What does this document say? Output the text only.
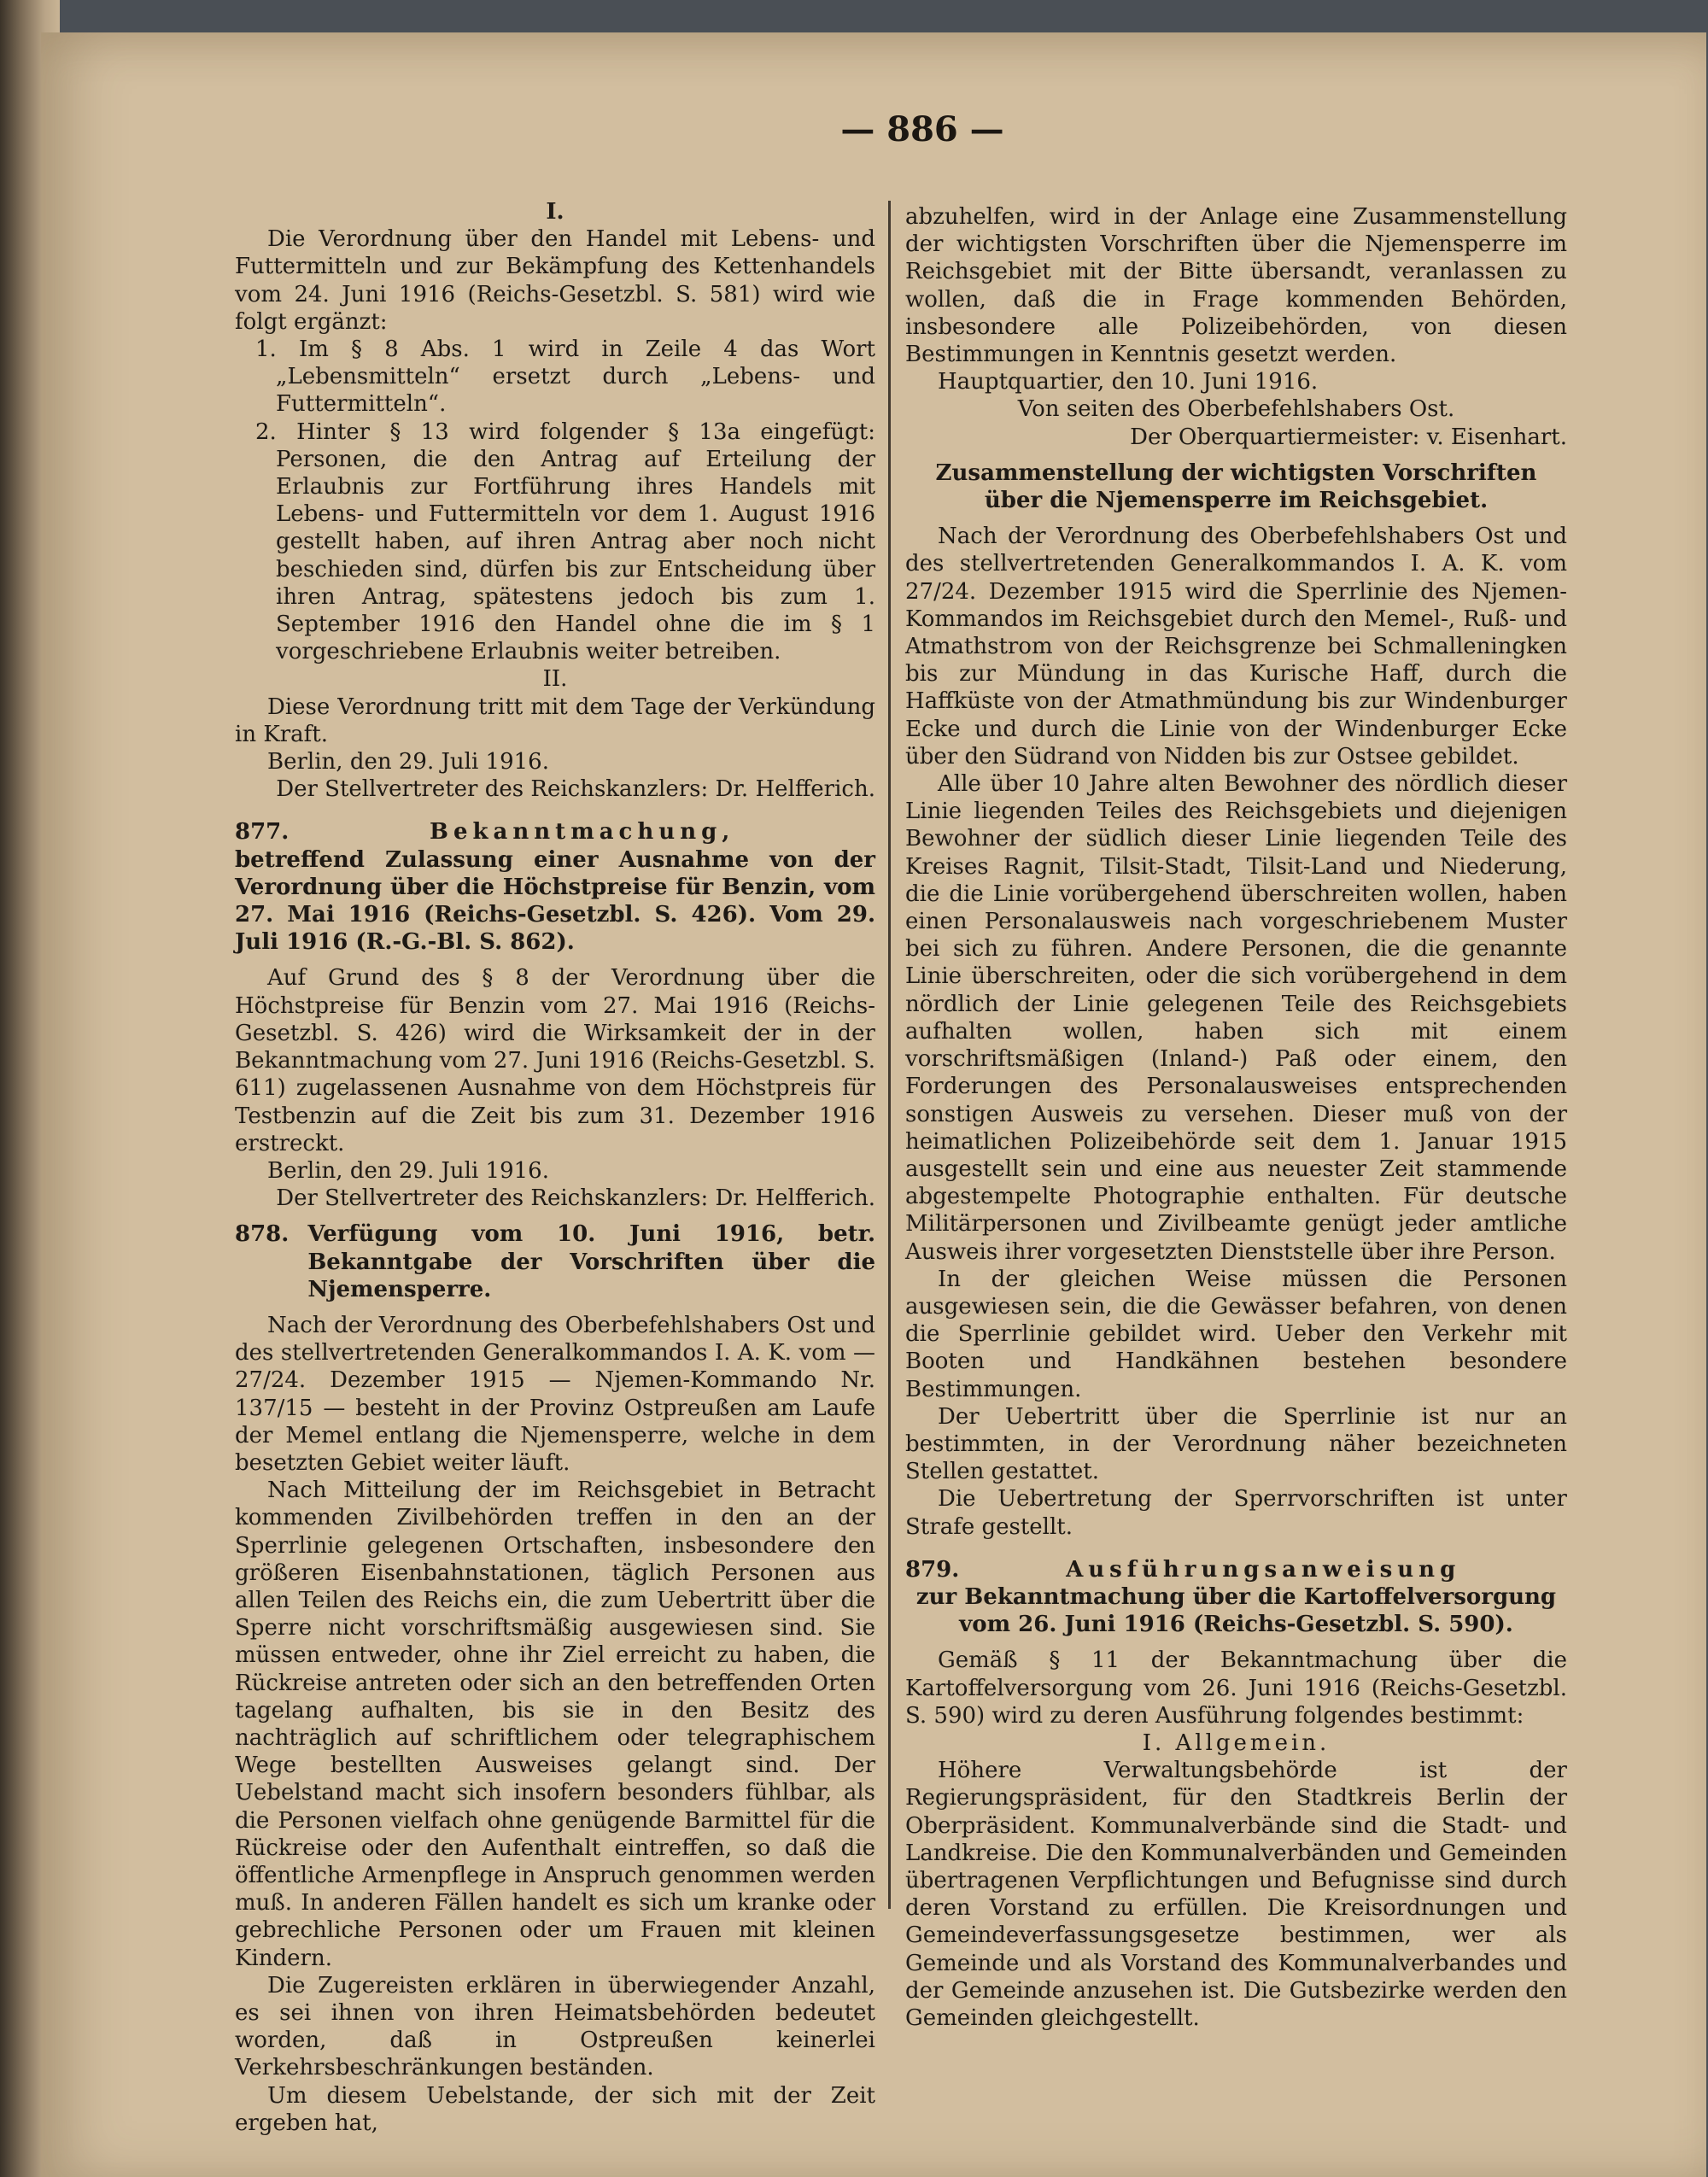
— 886 —

I.

Die Verordnung über den Handel mit Lebens- und Futtermitteln und zur Bekämpfung des Kettenhandels vom 24. Juni 1916 (Reichs-Gesetzbl. S. 581) wird wie folgt ergänzt:

1. Im § 8 Abs. 1 wird in Zeile 4 das Wort „Lebensmitteln“ ersetzt durch „Lebens- und Futtermitteln“.

2. Hinter § 13 wird folgender § 13a eingefügt: Personen, die den Antrag auf Erteilung der Erlaubnis zur Fortführung ihres Handels mit Lebens- und Futtermitteln vor dem 1. August 1916 gestellt haben, auf ihren Antrag aber noch nicht beschieden sind, dürfen bis zur Entscheidung über ihren Antrag, spätestens jedoch bis zum 1. September 1916 den Handel ohne die im § 1 vorgeschriebene Erlaubnis weiter betreiben.

II.

Diese Verordnung tritt mit dem Tage der Verkündung in Kraft.

Berlin, den 29. Juli 1916.

Der Stellvertreter des Reichskanzlers: Dr. Helfferich.

877.	Bekanntmachung,

betreffend Zulassung einer Ausnahme von der Verordnung über die Höchstpreise für Benzin, vom 27. Mai 1916 (Reichs-Gesetzbl. S. 426). Vom 29. Juli 1916 (R.-G.-Bl. S. 862).

Auf Grund des § 8 der Verordnung über die Höchstpreise für Benzin vom 27. Mai 1916 (Reichs-Gesetzbl. S. 426) wird die Wirksamkeit der in der Bekanntmachung vom 27. Juni 1916 (Reichs-Gesetzbl. S. 611) zugelassenen Ausnahme von dem Höchstpreis für Testbenzin auf die Zeit bis zum 31. Dezember 1916 erstreckt.

Berlin, den 29. Juli 1916.

Der Stellvertreter des Reichskanzlers: Dr. Helfferich.

878. Verfügung vom 10. Juni 1916, betr. Bekanntgabe der Vorschriften über die Njemensperre.

Nach der Verordnung des Oberbefehlshabers Ost und des stellvertretenden Generalkommandos I. A. K. vom — 27/24. Dezember 1915 — Njemen-Kommando Nr. 137/15 — besteht in der Provinz Ostpreußen am Laufe der Memel entlang die Njemensperre, welche in dem besetzten Gebiet weiter läuft.

Nach Mitteilung der im Reichsgebiet in Betracht kommenden Zivilbehörden treffen in den an der Sperrlinie gelegenen Ortschaften, insbesondere den größeren Eisenbahnstationen, täglich Personen aus allen Teilen des Reichs ein, die zum Uebertritt über die Sperre nicht vorschriftsmäßig ausgewiesen sind. Sie müssen entweder, ohne ihr Ziel erreicht zu haben, die Rückreise antreten oder sich an den betreffenden Orten tagelang aufhalten, bis sie in den Besitz des nachträglich auf schriftlichem oder telegraphischem Wege bestellten Ausweises gelangt sind. Der Uebelstand macht sich insofern besonders fühlbar, als die Personen vielfach ohne genügende Barmittel für die Rückreise oder den Aufenthalt eintreffen, so daß die öffentliche Armenpflege in Anspruch genommen werden muß. In anderen Fällen handelt es sich um kranke oder gebrechliche Personen oder um Frauen mit kleinen Kindern.

Die Zugereisten erklären in überwiegender Anzahl, es sei ihnen von ihren Heimatsbehörden bedeutet worden, daß in Ostpreußen keinerlei Verkehrsbeschränkungen beständen.

Um diesem Uebelstande, der sich mit der Zeit ergeben hat,

abzuhelfen, wird in der Anlage eine Zusammenstellung der wichtigsten Vorschriften über die Njemensperre im Reichsgebiet mit der Bitte übersandt, veranlassen zu wollen, daß die in Frage kommenden Behörden, insbesondere alle Polizeibehörden, von diesen Bestimmungen in Kenntnis gesetzt werden.

Hauptquartier, den 10. Juni 1916.

Von seiten des Oberbefehlshabers Ost.

Der Oberquartiermeister: v. Eisenhart.

Zusammenstellung der wichtigsten Vorschriften über die Njemensperre im Reichsgebiet.

Nach der Verordnung des Oberbefehlshabers Ost und des stellvertretenden Generalkommandos I. A. K. vom 27/24. Dezember 1915 wird die Sperrlinie des Njemen-Kommandos im Reichsgebiet durch den Memel-, Ruß- und Atmathstrom von der Reichsgrenze bei Schmalleningken bis zur Mündung in das Kurische Haff, durch die Haffküste von der Atmathmündung bis zur Windenburger Ecke und durch die Linie von der Windenburger Ecke über den Südrand von Nidden bis zur Ostsee gebildet.

Alle über 10 Jahre alten Bewohner des nördlich dieser Linie liegenden Teiles des Reichsgebiets und diejenigen Bewohner der südlich dieser Linie liegenden Teile des Kreises Ragnit, Tilsit-Stadt, Tilsit-Land und Niederung, die die Linie vorübergehend überschreiten wollen, haben einen Personalausweis nach vorgeschriebenem Muster bei sich zu führen. Andere Personen, die die genannte Linie überschreiten, oder die sich vorübergehend in dem nördlich der Linie gelegenen Teile des Reichsgebiets aufhalten wollen, haben sich mit einem vorschriftsmäßigen (Inland-) Paß oder einem, den Forderungen des Personalausweises entsprechenden sonstigen Ausweis zu versehen. Dieser muß von der heimatlichen Polizeibehörde seit dem 1. Januar 1915 ausgestellt sein und eine aus neuester Zeit stammende abgestempelte Photographie enthalten. Für deutsche Militärpersonen und Zivilbeamte genügt jeder amtliche Ausweis ihrer vorgesetzten Dienststelle über ihre Person.

In der gleichen Weise müssen die Personen ausgewiesen sein, die die Gewässer befahren, von denen die Sperrlinie gebildet wird. Ueber den Verkehr mit Booten und Handkähnen bestehen besondere Bestimmungen.

Der Uebertritt über die Sperrlinie ist nur an bestimmten, in der Verordnung näher bezeichneten Stellen gestattet.

Die Uebertretung der Sperrvorschriften ist unter Strafe gestellt.

879.	Ausführungsanweisung

zur Bekanntmachung über die Kartoffelversorgung vom 26. Juni 1916 (Reichs-Gesetzbl. S. 590).

Gemäß § 11 der Bekanntmachung über die Kartoffelversorgung vom 26. Juni 1916 (Reichs-Gesetzbl. S. 590) wird zu deren Ausführung folgendes bestimmt:

I. Allgemein.

Höhere Verwaltungsbehörde ist der Regierungspräsident, für den Stadtkreis Berlin der Oberpräsident. Kommunalverbände sind die Stadt- und Landkreise. Die den Kommunalverbänden und Gemeinden übertragenen Verpflichtungen und Befugnisse sind durch deren Vorstand zu erfüllen. Die Kreisordnungen und Gemeindeverfassungsgesetze bestimmen, wer als Gemeinde und als Vorstand des Kommunalverbandes und der Gemeinde anzusehen ist. Die Gutsbezirke werden den Gemeinden gleichgestellt.
